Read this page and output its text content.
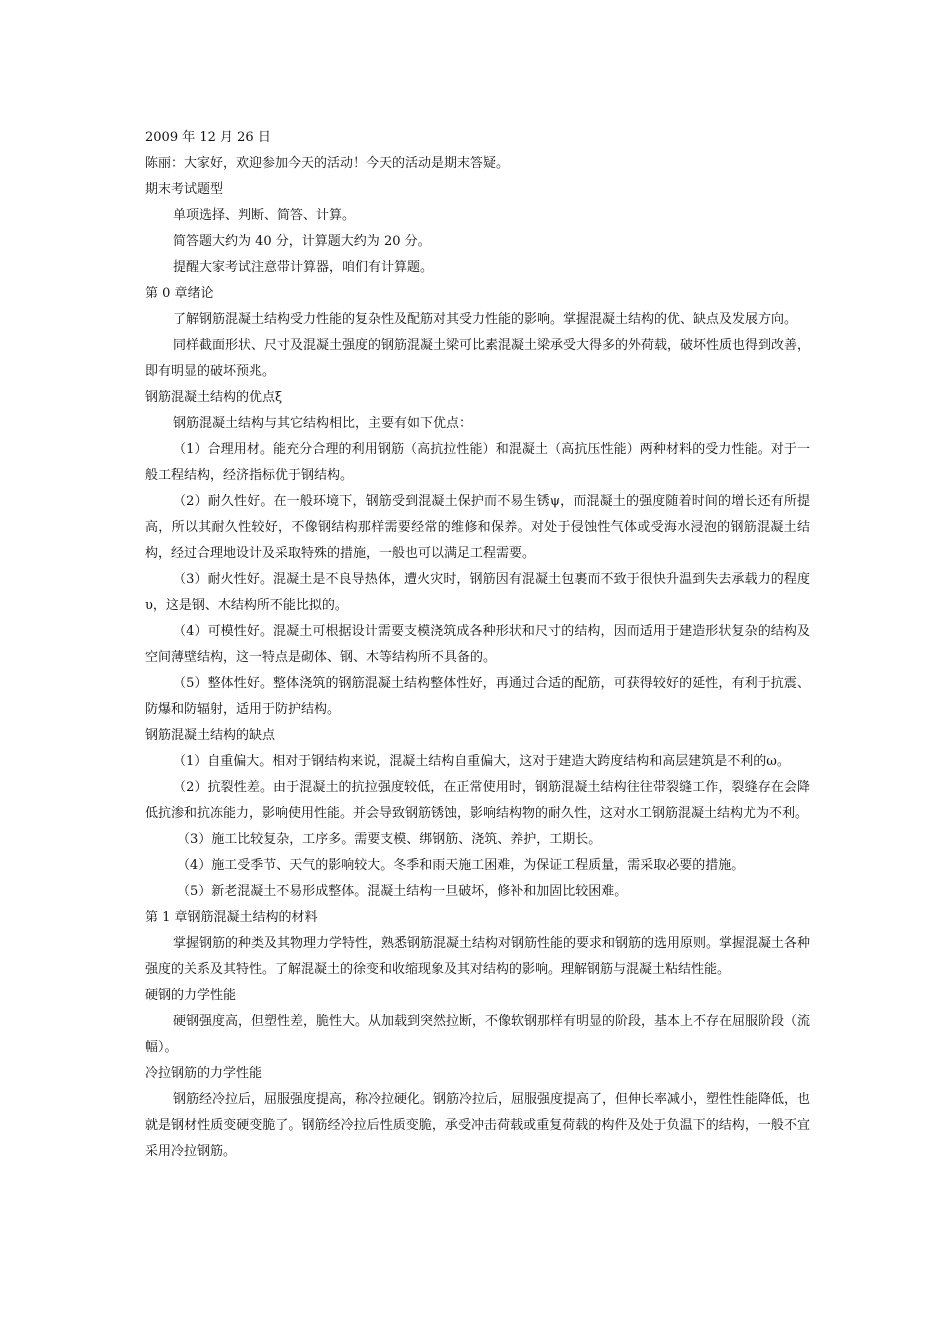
2009 年 12 月 26 日
陈丽：大家好，欢迎参加今天的活动！今天的活动是期末答疑。
期末考试题型
单项选择、判断、简答、计算。
简答题大约为 40 分，计算题大约为 20 分。
提醒大家考试注意带计算器，咱们有计算题。
第 0 章绪论
了解钢筋混凝土结构受力性能的复杂性及配筋对其受力性能的影响。掌握混凝土结构的优、缺点及发展方向。
同样截面形状、尺寸及混凝土强度的钢筋混凝土梁可比素混凝土梁承受大得多的外荷载，破坏性质也得到改善，即有明显的破坏预兆。
钢筋混凝土结构的优点ξ
钢筋混凝土结构与其它结构相比，主要有如下优点：
（1）合理用材。能充分合理的利用钢筋（高抗拉性能）和混凝土（高抗压性能）两种材料的受力性能。对于一般工程结构，经济指标优于钢结构。
（2）耐久性好。在一般环境下，钢筋受到混凝土保护而不易生锈ψ，而混凝土的强度随着时间的增长还有所提高，所以其耐久性较好，不像钢结构那样需要经常的维修和保养。对处于侵蚀性气体或受海水浸泡的钢筋混凝土结构，经过合理地设计及采取特殊的措施，一般也可以满足工程需要。
（3）耐火性好。混凝土是不良导热体，遭火灾时，钢筋因有混凝土包裹而不致于很快升温到失去承载力的程度υ，这是钢、木结构所不能比拟的。
（4）可模性好。混凝土可根据设计需要支模浇筑成各种形状和尺寸的结构，因而适用于建造形状复杂的结构及空间薄壁结构，这一特点是砌体、钢、木等结构所不具备的。
（5）整体性好。整体浇筑的钢筋混凝土结构整体性好，再通过合适的配筋，可获得较好的延性，有利于抗震、防爆和防辐射，适用于防护结构。
钢筋混凝土结构的缺点
（1）自重偏大。相对于钢结构来说，混凝土结构自重偏大，这对于建造大跨度结构和高层建筑是不利的ω。
（2）抗裂性差。由于混凝土的抗拉强度较低，在正常使用时，钢筋混凝土结构往往带裂缝工作，裂缝存在会降低抗渗和抗冻能力，影响使用性能。并会导致钢筋锈蚀，影响结构物的耐久性，这对水工钢筋混凝土结构尤为不利。
（3）施工比较复杂，工序多。需要支模、绑钢筋、浇筑、养护，工期长。
（4）施工受季节、天气的影响较大。冬季和雨天施工困难，为保证工程质量，需采取必要的措施。
（5）新老混凝土不易形成整体。混凝土结构一旦破坏，修补和加固比较困难。
第 1 章钢筋混凝土结构的材料
掌握钢筋的种类及其物理力学特性，熟悉钢筋混凝土结构对钢筋性能的要求和钢筋的选用原则。掌握混凝土各种强度的关系及其特性。了解混凝土的徐变和收缩现象及其对结构的影响。理解钢筋与混凝土粘结性能。
硬钢的力学性能
硬钢强度高，但塑性差，脆性大。从加载到突然拉断，不像软钢那样有明显的阶段，基本上不存在屈服阶段（流幅）。
冷拉钢筋的力学性能
钢筋经冷拉后，屈服强度提高，称冷拉硬化。钢筋冷拉后，屈服强度提高了，但伸长率减小，塑性性能降低，也就是钢材性质变硬变脆了。钢筋经冷拉后性质变脆，承受冲击荷载或重复荷载的构件及处于负温下的结构，一般不宜采用冷拉钢筋。
